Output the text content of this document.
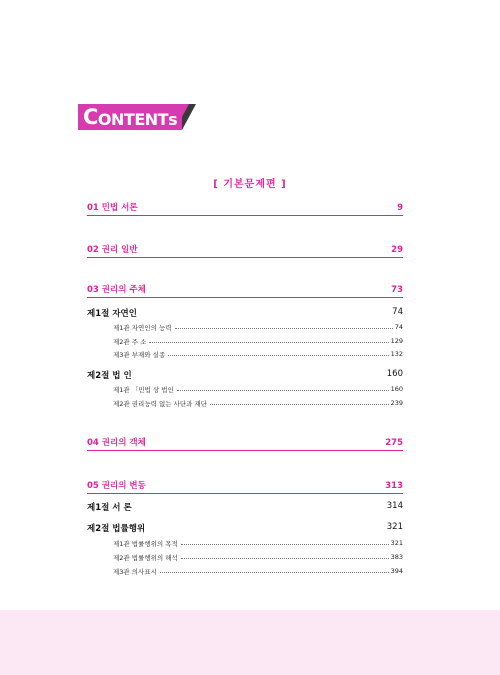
C ONTENT s
[ 기본문제편 ]
01 민법 서론	9
02 권리 일반	29
03 권리의 주체	73
제1절 자연인	74
제1관 자연인의 능력	74
제2관 주 소	129
제3관 부재와 실종	132
제2절 법 인	160
제1관 「민법 상 법인	160
제2관 권리능력 없는 사단과 재단	239
04 권리의 객체	275
05 권리의 변동	313
제1절 서 론	314
제2절 법률행위	321
제1관 법률행위의 목적	321
제2관 법률행위의 해석	383
제3관 의사표시	394
